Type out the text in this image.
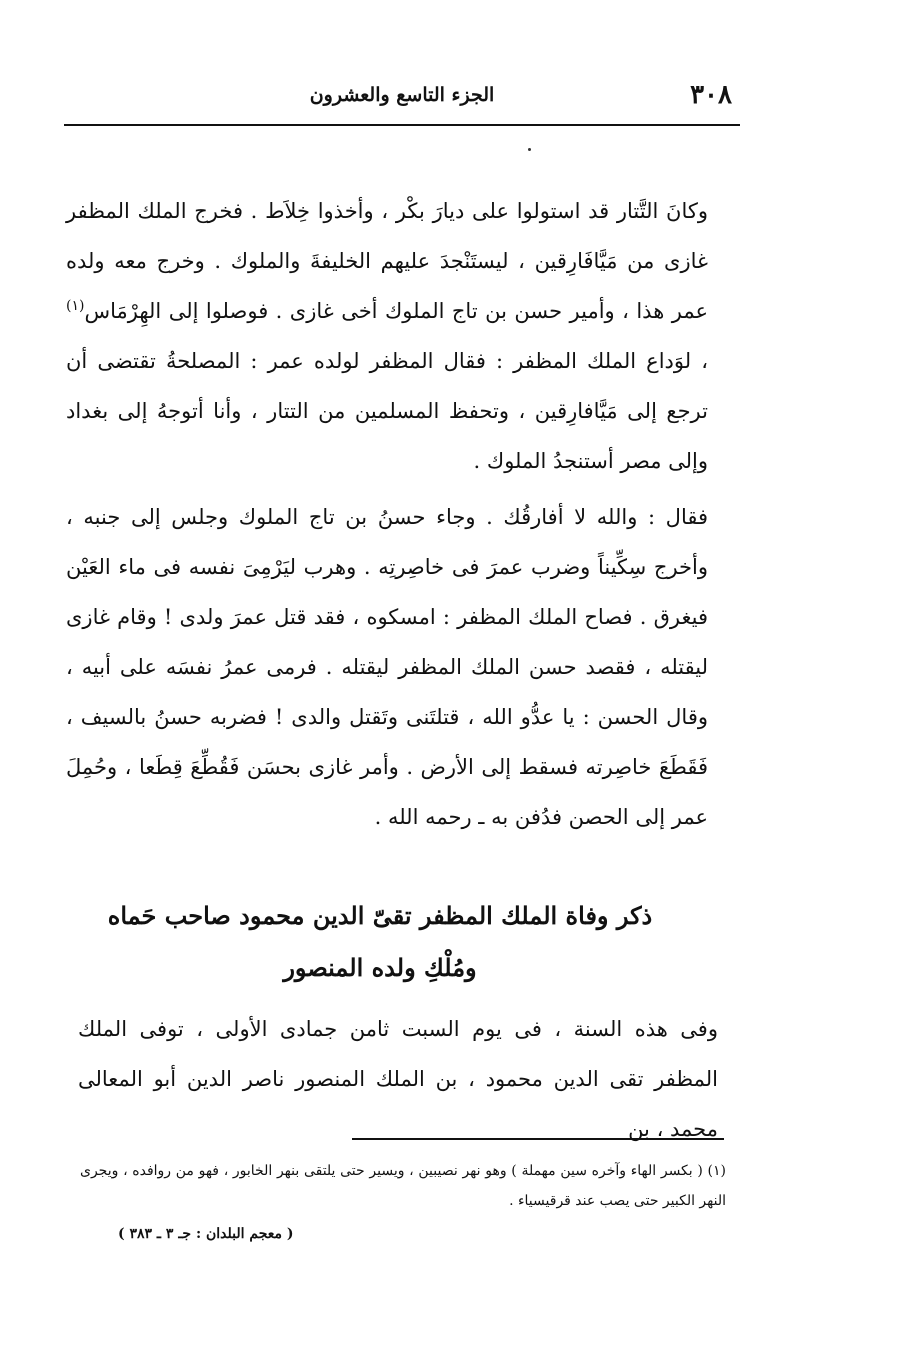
٣٠٨
الجزء التاسع والعشرون
وكانَ التَّتار قد استولوا على ديارَ بكْر ، وأخذوا خِلاَط . فخرج الملك المظفر غازى من مَيَّافَارِقين ، ليستَنْجدَ عليهم الخليفةَ والملوك . وخرج معه ولده عمر هذا ، وأمير حسن بن تاج الملوك أخى غازى . فوصلوا إلى الهِرْمَاس$^{(١)}$ ، لوَداع الملك المظفر : فقال المظفر لولده عمر : المصلحةُ تقتضى أن ترجع إلى مَيَّافارِقين ، وتحفظ المسلمين من التتار ، وأنا أتوجهُ إلى بغداد وإلى مصر أستنجدُ الملوك .
فقال : والله لا أفارقُك . وجاء حسنُ بن تاج الملوك وجلس إلى جنبه ، وأخرج سِكِّيناً وضرب عمرَ فى خاصِرتِه . وهرب ليَرْمِىَ نفسه فى ماء العَيْن فيغرق . فصاح الملك المظفر : امسكوه ، فقد قتل عمرَ ولدى ! وقام غازى ليقتله ، فقصد حسن الملك المظفر ليقتله . فرمى عمرُ نفسَه على أبيه ، وقال الحسن : يا عدُّو الله ، قتلتَنى وتَقتل والدى ! فضربه حسنُ بالسيف ، فَقَطَعَ خاصِرته فسقط إلى الأرض . وأمر غازى بحسَن فَقُطِّعَ قِطَعا ، وحُمِلَ عمر إلى الحصن فدُفن به ـ رحمه الله .
ذكر وفاة الملك المظفر تقىّ الدين محمود صاحب حَماه
ومُلْكِ ولده المنصور
وفى هذه السنة ، فى يوم السبت ثامن جمادى الأولى ، توفى الملك المظفر تقى الدين محمود ، بن الملك المنصور ناصر الدين أبو المعالى محمد ، بن
(١) ( بكسر الهاء وآخره سين مهملة ) وهو نهر نصيبين ، ويسير حتى يلتقى بنهر الخابور ، فهو من روافده ، ويجرى النهر الكبير حتى يصب عند قرقيسياء .
( معجم البلدان : جـ ٣ ـ ٣٨٣ )
